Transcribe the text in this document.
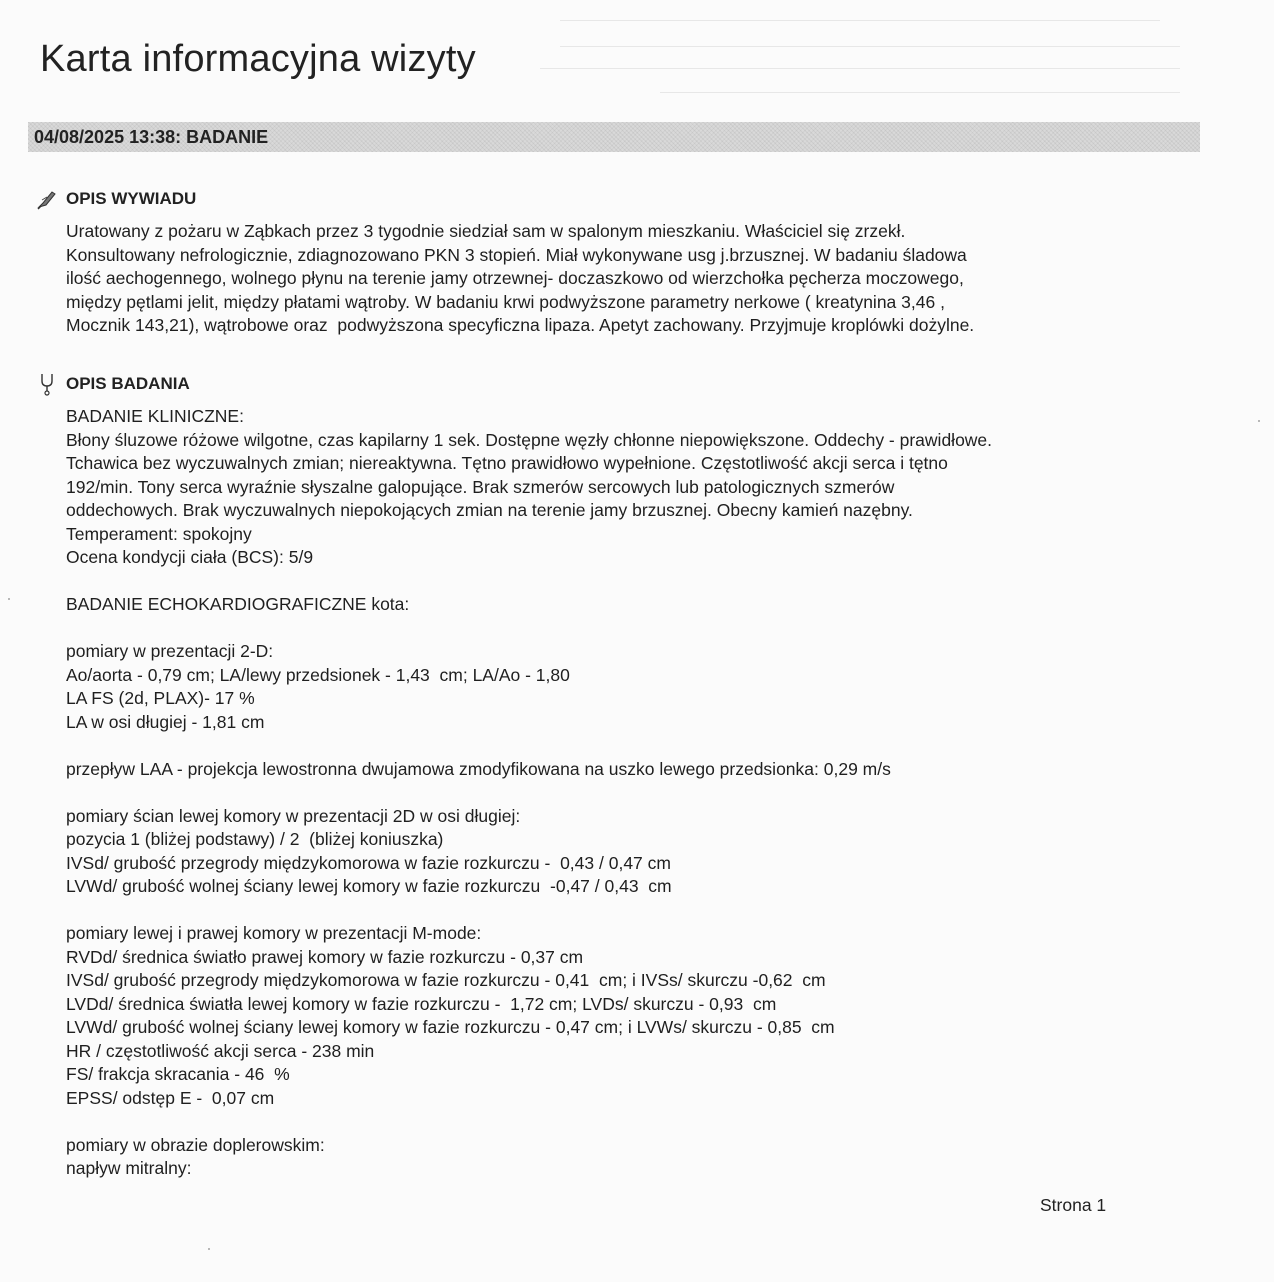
Karta informacyjna wizyty
04/08/2025 13:38: BADANIE
OPIS WYWIADU
Uratowany z pożaru w Ząbkach przez 3 tygodnie siedział sam w spalonym mieszkaniu. Właściciel się zrzekł.
Konsultowany nefrologicznie, zdiagnozowano PKN 3 stopień. Miał wykonywane usg j.brzusznej. W badaniu śladowa
ilość aechogennego, wolnego płynu na terenie jamy otrzewnej- doczaszkowo od wierzchołka pęcherza moczowego,
między pętlami jelit, między płatami wątroby. W badaniu krwi podwyższone parametry nerkowe ( kreatynina 3,46 ,
Mocznik 143,21), wątrobowe oraz  podwyższona specyficzna lipaza. Apetyt zachowany. Przyjmuje kroplówki dożylne.
OPIS BADANIA
BADANIE KLINICZNE:
Błony śluzowe różowe wilgotne, czas kapilarny 1 sek. Dostępne węzły chłonne niepowiększone. Oddechy - prawidłowe.
Tchawica bez wyczuwalnych zmian; niereaktywna. Tętno prawidłowo wypełnione. Częstotliwość akcji serca i tętno
192/min. Tony serca wyraźnie słyszalne galopujące. Brak szmerów sercowych lub patologicznych szmerów
oddechowych. Brak wyczuwalnych niepokojących zmian na terenie jamy brzusznej. Obecny kamień nazębny.
Temperament: spokojny
Ocena kondycji ciała (BCS): 5/9
BADANIE ECHOKARDIOGRAFICZNE kota:
pomiary w prezentacji 2-D:
Ao/aorta - 0,79 cm; LA/lewy przedsionek - 1,43  cm; LA/Ao - 1,80
LA FS (2d, PLAX)- 17 %
LA w osi długiej - 1,81 cm
przepływ LAA - projekcja lewostronna dwujamowa zmodyfikowana na uszko lewego przedsionka: 0,29 m/s
pomiary ścian lewej komory w prezentacji 2D w osi długiej:
pozycia 1 (bliżej podstawy) / 2  (bliżej koniuszka)
IVSd/ grubość przegrody międzykomorowa w fazie rozkurczu -  0,43 / 0,47 cm
LVWd/ grubość wolnej ściany lewej komory w fazie rozkurczu  -0,47 / 0,43  cm
pomiary lewej i prawej komory w prezentacji M-mode:
RVDd/ średnica światło prawej komory w fazie rozkurczu - 0,37 cm
IVSd/ grubość przegrody międzykomorowa w fazie rozkurczu - 0,41  cm; i IVSs/ skurczu -0,62  cm
LVDd/ średnica światła lewej komory w fazie rozkurczu -  1,72 cm; LVDs/ skurczu - 0,93  cm
LVWd/ grubość wolnej ściany lewej komory w fazie rozkurczu - 0,47 cm; i LVWs/ skurczu - 0,85  cm
HR / częstotliwość akcji serca - 238 min
FS/ frakcja skracania - 46  %
EPSS/ odstęp E -  0,07 cm
pomiary w obrazie doplerowskim:
napływ mitralny:
Strona 1
